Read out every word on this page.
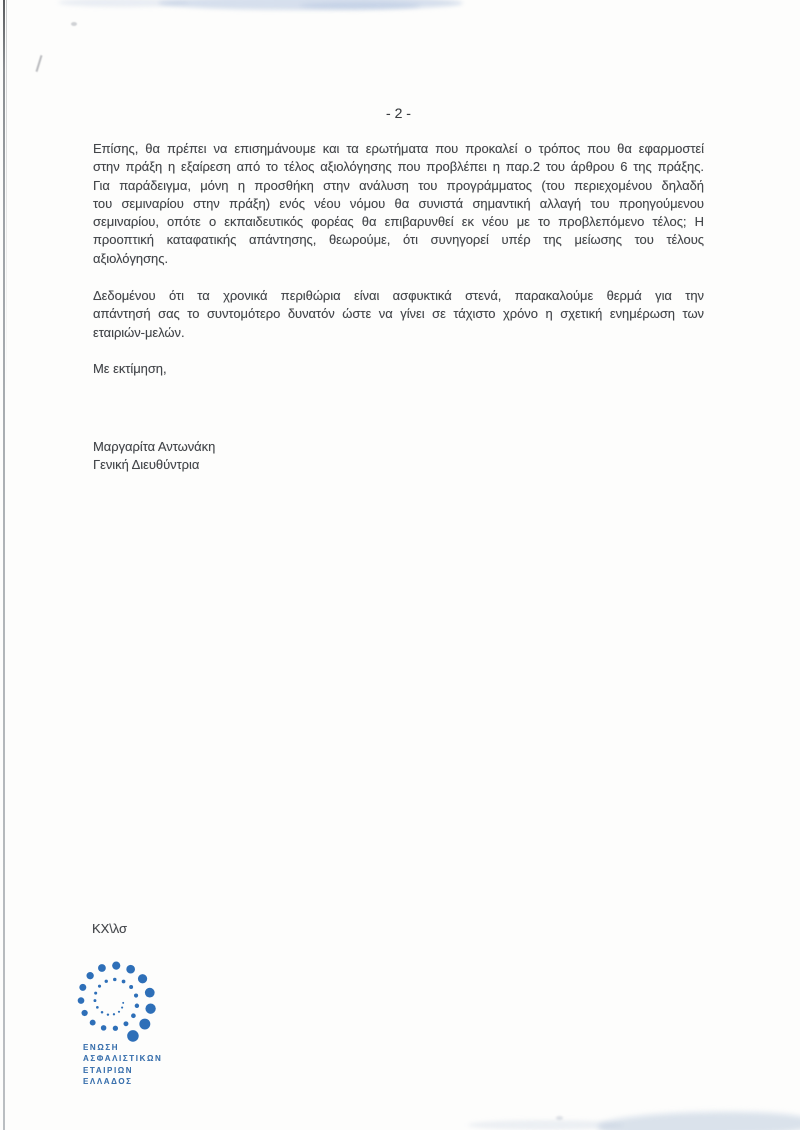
- 2 -
Επίσης, θα πρέπει να επισημάνουμε και τα ερωτήματα που προκαλεί ο τρόπος που θα εφαρμοστεί
στην πράξη η εξαίρεση από το τέλος αξιολόγησης που προβλέπει η παρ.2 του άρθρου 6 της πράξης.
Για παράδειγμα, μόνη η προσθήκη στην ανάλυση του προγράμματος (του περιεχομένου δηλαδή
του σεμιναρίου στην πράξη) ενός νέου νόμου θα συνιστά σημαντική αλλαγή του προηγούμενου
σεμιναρίου, οπότε ο εκπαιδευτικός φορέας θα επιβαρυνθεί εκ νέου με το προβλεπόμενο τέλος; Η
προοπτική καταφατικής απάντησης, θεωρούμε, ότι συνηγορεί υπέρ της μείωσης του τέλους
αξιολόγησης.
Δεδομένου ότι τα χρονικά περιθώρια είναι ασφυκτικά στενά, παρακαλούμε θερμά για την
απάντησή σας το συντομότερο δυνατόν ώστε να γίνει σε τάχιστο χρόνο η σχετική ενημέρωση των
εταιριών-μελών.
Με εκτίμηση,
Μαργαρίτα Αντωνάκη
Γενική Διευθύντρια
ΚΧ\λσ
ΕΝΩΣΗ
ΑΣΦΑΛΙΣΤΙΚΩΝ
ΕΤΑΙΡΙΩΝ
ΕΛΛΑΔΟΣ
